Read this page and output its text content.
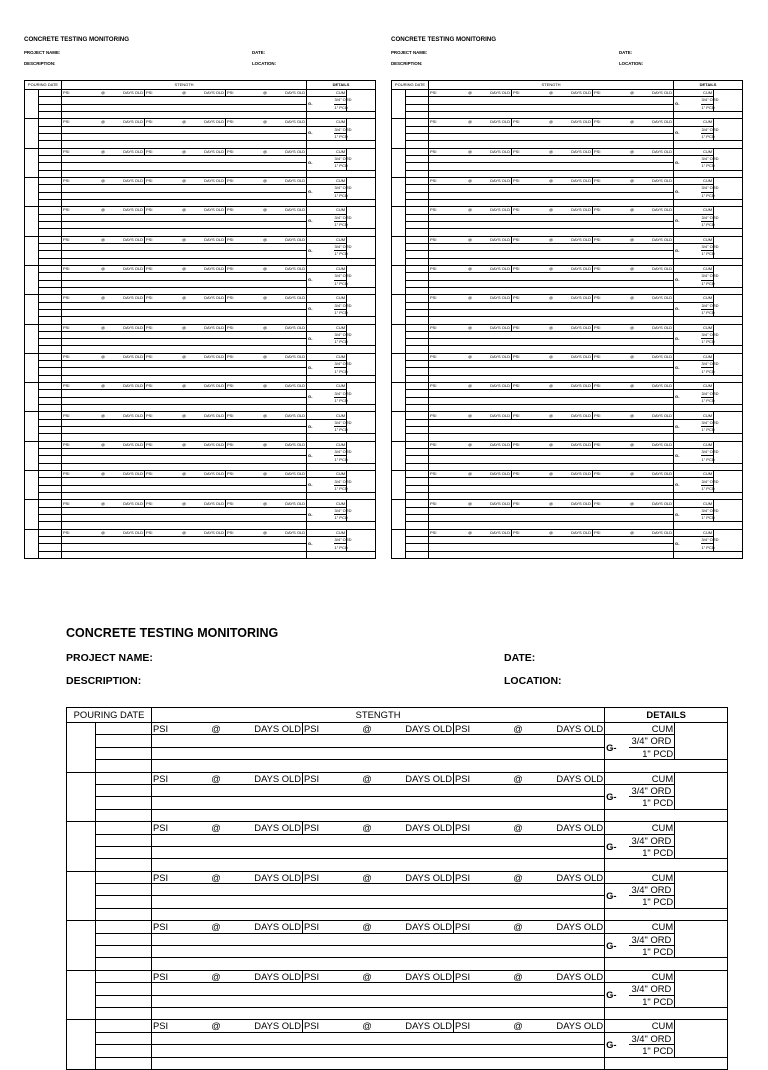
CONCRETE TESTING MONITORING
PROJECT NAME:	DATE:
DESCRIPTION:	LOCATION:
POURING DATE		STENGTH									DETAILS			
		PSI	@	DAYS OLD	PSI	@	DAYS OLD	PSI	@	DAYS OLD		CUM		
											G-	3/4" ORD		
												1" PCD	

		PSI	@	DAYS OLD	PSI	@	DAYS OLD	PSI	@	DAYS OLD		CUM		
											G-	3/4" ORD		
												1" PCD	

		PSI	@	DAYS OLD	PSI	@	DAYS OLD	PSI	@	DAYS OLD		CUM		
											G-	3/4" ORD		
												1" PCD	

		PSI	@	DAYS OLD	PSI	@	DAYS OLD	PSI	@	DAYS OLD		CUM		
											G-	3/4" ORD		
												1" PCD	

		PSI	@	DAYS OLD	PSI	@	DAYS OLD	PSI	@	DAYS OLD		CUM		
											G-	3/4" ORD		
												1" PCD	

		PSI	@	DAYS OLD	PSI	@	DAYS OLD	PSI	@	DAYS OLD		CUM		
											G-	3/4" ORD		
												1" PCD	

		PSI	@	DAYS OLD	PSI	@	DAYS OLD	PSI	@	DAYS OLD		CUM		
											G-	3/4" ORD		
												1" PCD	

		PSI	@	DAYS OLD	PSI	@	DAYS OLD	PSI	@	DAYS OLD		CUM		
											G-	3/4" ORD		
												1" PCD	

		PSI	@	DAYS OLD	PSI	@	DAYS OLD	PSI	@	DAYS OLD		CUM		
											G-	3/4" ORD		
												1" PCD	

		PSI	@	DAYS OLD	PSI	@	DAYS OLD	PSI	@	DAYS OLD		CUM		
											G-	3/4" ORD		
												1" PCD	

		PSI	@	DAYS OLD	PSI	@	DAYS OLD	PSI	@	DAYS OLD		CUM		
											G-	3/4" ORD		
												1" PCD	

		PSI	@	DAYS OLD	PSI	@	DAYS OLD	PSI	@	DAYS OLD		CUM		
											G-	3/4" ORD		
												1" PCD	

		PSI	@	DAYS OLD	PSI	@	DAYS OLD	PSI	@	DAYS OLD		CUM		
											G-	3/4" ORD		
												1" PCD	

		PSI	@	DAYS OLD	PSI	@	DAYS OLD	PSI	@	DAYS OLD		CUM		
											G-	3/4" ORD		
												1" PCD	

		PSI	@	DAYS OLD	PSI	@	DAYS OLD	PSI	@	DAYS OLD		CUM		
											G-	3/4" ORD		
												1" PCD	

		PSI	@	DAYS OLD	PSI	@	DAYS OLD	PSI	@	DAYS OLD		CUM		
											G-	3/4" ORD		
												1" PCD	

CONCRETE TESTING MONITORING
PROJECT NAME:	DATE:
DESCRIPTION:	LOCATION:
POURING DATE		STENGTH									DETAILS			
		PSI	@	DAYS OLD	PSI	@	DAYS OLD	PSI	@	DAYS OLD		CUM		
											G-	3/4" ORD		
												1" PCD	

		PSI	@	DAYS OLD	PSI	@	DAYS OLD	PSI	@	DAYS OLD		CUM		
											G-	3/4" ORD		
												1" PCD	

		PSI	@	DAYS OLD	PSI	@	DAYS OLD	PSI	@	DAYS OLD		CUM		
											G-	3/4" ORD		
												1" PCD	

		PSI	@	DAYS OLD	PSI	@	DAYS OLD	PSI	@	DAYS OLD		CUM		
											G-	3/4" ORD		
												1" PCD	

		PSI	@	DAYS OLD	PSI	@	DAYS OLD	PSI	@	DAYS OLD		CUM		
											G-	3/4" ORD		
												1" PCD	

		PSI	@	DAYS OLD	PSI	@	DAYS OLD	PSI	@	DAYS OLD		CUM		
											G-	3/4" ORD		
												1" PCD	

		PSI	@	DAYS OLD	PSI	@	DAYS OLD	PSI	@	DAYS OLD		CUM		
											G-	3/4" ORD		
												1" PCD	

		PSI	@	DAYS OLD	PSI	@	DAYS OLD	PSI	@	DAYS OLD		CUM		
											G-	3/4" ORD		
												1" PCD	

		PSI	@	DAYS OLD	PSI	@	DAYS OLD	PSI	@	DAYS OLD		CUM		
											G-	3/4" ORD		
												1" PCD	

		PSI	@	DAYS OLD	PSI	@	DAYS OLD	PSI	@	DAYS OLD		CUM		
											G-	3/4" ORD		
												1" PCD	

		PSI	@	DAYS OLD	PSI	@	DAYS OLD	PSI	@	DAYS OLD		CUM		
											G-	3/4" ORD		
												1" PCD	

		PSI	@	DAYS OLD	PSI	@	DAYS OLD	PSI	@	DAYS OLD		CUM		
											G-	3/4" ORD		
												1" PCD	

		PSI	@	DAYS OLD	PSI	@	DAYS OLD	PSI	@	DAYS OLD		CUM		
											G-	3/4" ORD		
												1" PCD	

		PSI	@	DAYS OLD	PSI	@	DAYS OLD	PSI	@	DAYS OLD		CUM		
											G-	3/4" ORD		
												1" PCD	

		PSI	@	DAYS OLD	PSI	@	DAYS OLD	PSI	@	DAYS OLD		CUM		
											G-	3/4" ORD		
												1" PCD	

		PSI	@	DAYS OLD	PSI	@	DAYS OLD	PSI	@	DAYS OLD		CUM		
											G-	3/4" ORD		
												1" PCD	

CONCRETE TESTING MONITORING
PROJECT NAME:	DATE:
DESCRIPTION:	LOCATION:
POURING DATE		STENGTH									DETAILS			
		PSI	@	DAYS OLD	PSI	@	DAYS OLD	PSI	@	DAYS OLD		CUM		
											G-	3/4" ORD		
												1" PCD	

		PSI	@	DAYS OLD	PSI	@	DAYS OLD	PSI	@	DAYS OLD		CUM		
											G-	3/4" ORD		
												1" PCD	

		PSI	@	DAYS OLD	PSI	@	DAYS OLD	PSI	@	DAYS OLD		CUM		
											G-	3/4" ORD		
												1" PCD	

		PSI	@	DAYS OLD	PSI	@	DAYS OLD	PSI	@	DAYS OLD		CUM		
											G-	3/4" ORD		
												1" PCD	

		PSI	@	DAYS OLD	PSI	@	DAYS OLD	PSI	@	DAYS OLD		CUM		
											G-	3/4" ORD		
												1" PCD	

		PSI	@	DAYS OLD	PSI	@	DAYS OLD	PSI	@	DAYS OLD		CUM		
											G-	3/4" ORD		
												1" PCD	

		PSI	@	DAYS OLD	PSI	@	DAYS OLD	PSI	@	DAYS OLD		CUM		
											G-	3/4" ORD		
												1" PCD	
